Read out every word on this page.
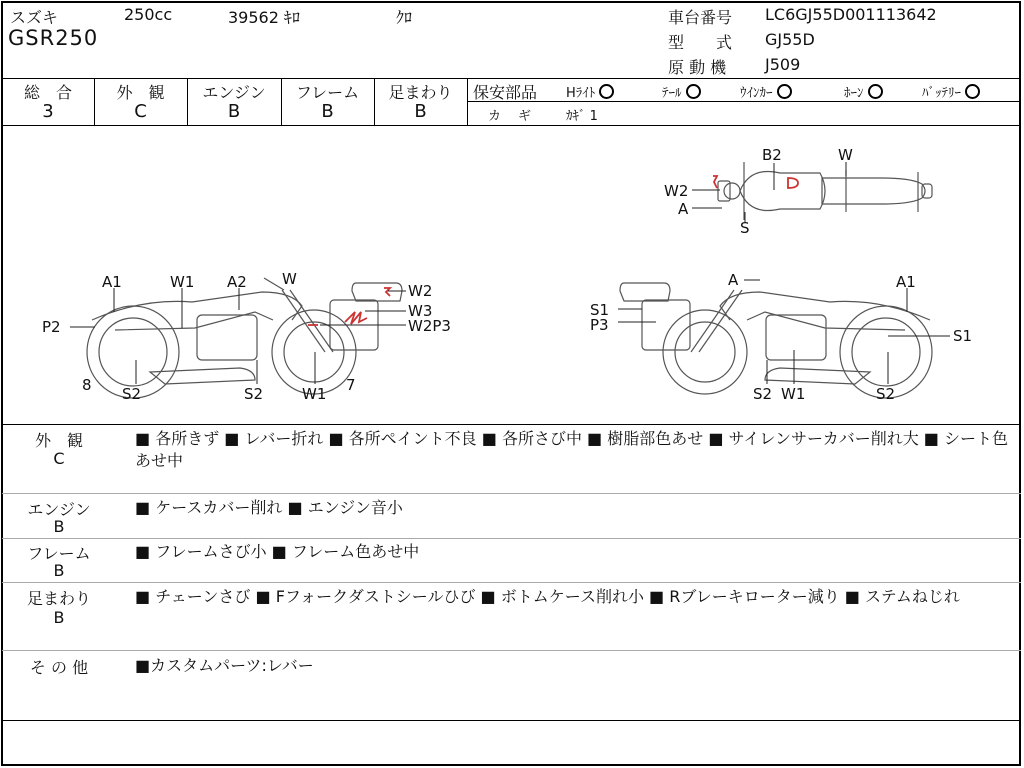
スズキ	250cc	39562 ｷﾛ	ｸﾛ
GSR250
車台番号 LC6GJ55D001113642
型　　式 GJ55D
原 動 機 J509
総　合
3
外　観
C
エンジン
B
フレーム
B
足まわり
B
保安部品 Hﾗｲﾄ	ﾃｰﾙ	ｳｲﾝｶｰ	ﾎｰﾝ	ﾊﾞｯﾃﾘｰ
カ　ギ	ｶｷﾞ 1
B2	W
W2
A
S
A1	W1 A2 W
W2
W3
W2P3
P2
8 S2	S2	W1 7
A	A1
S1
P3
S1
S2 W1	S2
外　観
C
■ 各所きず ■ レバー折れ ■ 各所ペイント不良 ■ 各所さび中 ■ 樹脂部色あせ ■ サイレンサーカバー削れ大 ■ シート色あせ中
エンジン
B
■ ケースカバー削れ ■ エンジン音小
フレーム
B
■ フレームさび小 ■ フレーム色あせ中
足まわり
B
■ チェーンさび ■ Fフォークダストシールひび ■ ボトムケース削れ小 ■ Rブレーキローター減り ■ ステムねじれ
そ の 他	■カスタムパーツ:レバー
